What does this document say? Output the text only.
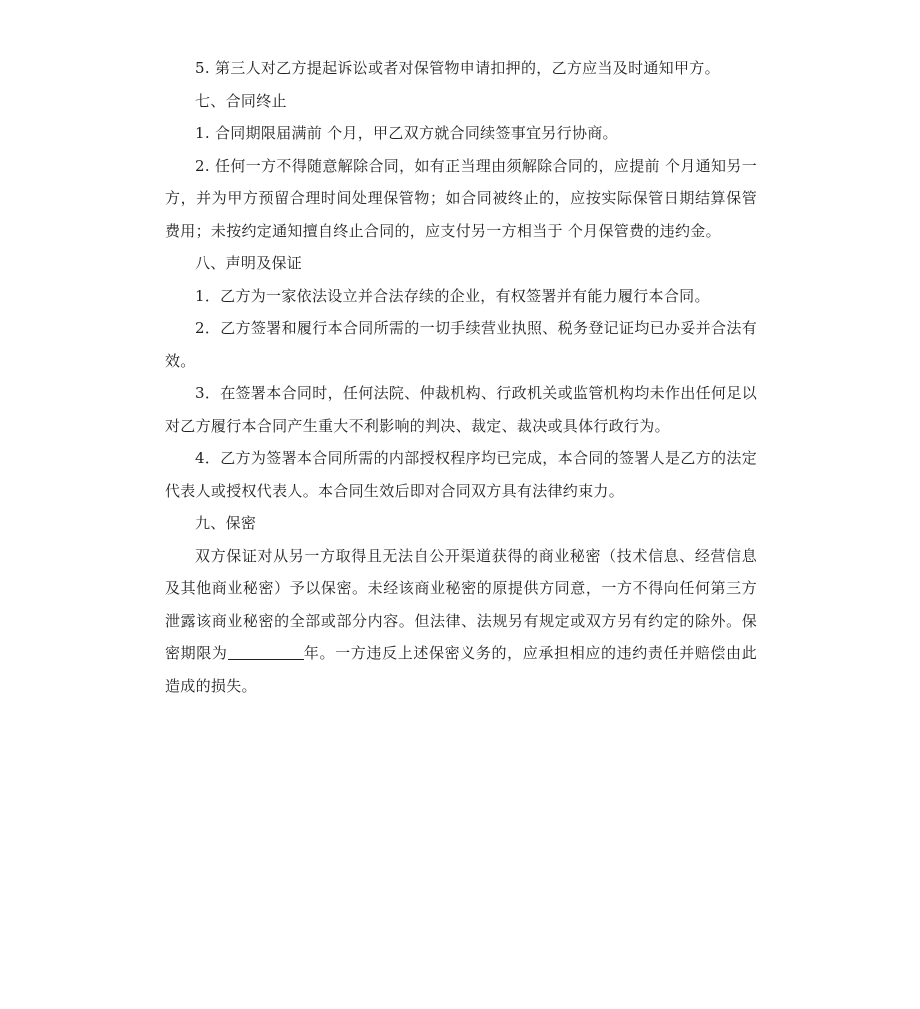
5. 第三人对乙方提起诉讼或者对保管物申请扣押的，乙方应当及时通知甲方。

七、合同终止

1. 合同期限届满前 个月，甲乙双方就合同续签事宜另行协商。

2. 任何一方不得随意解除合同，如有正当理由须解除合同的，应提前 个月通知另一方，并为甲方预留合理时间处理保管物；如合同被终止的，应按实际保管日期结算保管费用；未按约定通知擅自终止合同的，应支付另一方相当于 个月保管费的违约金。

八、声明及保证

1．乙方为一家依法设立并合法存续的企业，有权签署并有能力履行本合同。

2．乙方签署和履行本合同所需的一切手续营业执照、税务登记证均已办妥并合法有效。

3．在签署本合同时，任何法院、仲裁机构、行政机关或监管机构均未作出任何足以对乙方履行本合同产生重大不利影响的判决、裁定、裁决或具体行政行为。

4．乙方为签署本合同所需的内部授权程序均已完成，本合同的签署人是乙方的法定代表人或授权代表人。本合同生效后即对合同双方具有法律约束力。

九、保密

双方保证对从另一方取得且无法自公开渠道获得的商业秘密（技术信息、经营信息及其他商业秘密）予以保密。未经该商业秘密的原提供方同意，一方不得向任何第三方泄露该商业秘密的全部或部分内容。但法律、法规另有规定或双方另有约定的除外。保密期限为	年。一方违反上述保密义务的，应承担相应的违约责任并赔偿由此造成的损失。
